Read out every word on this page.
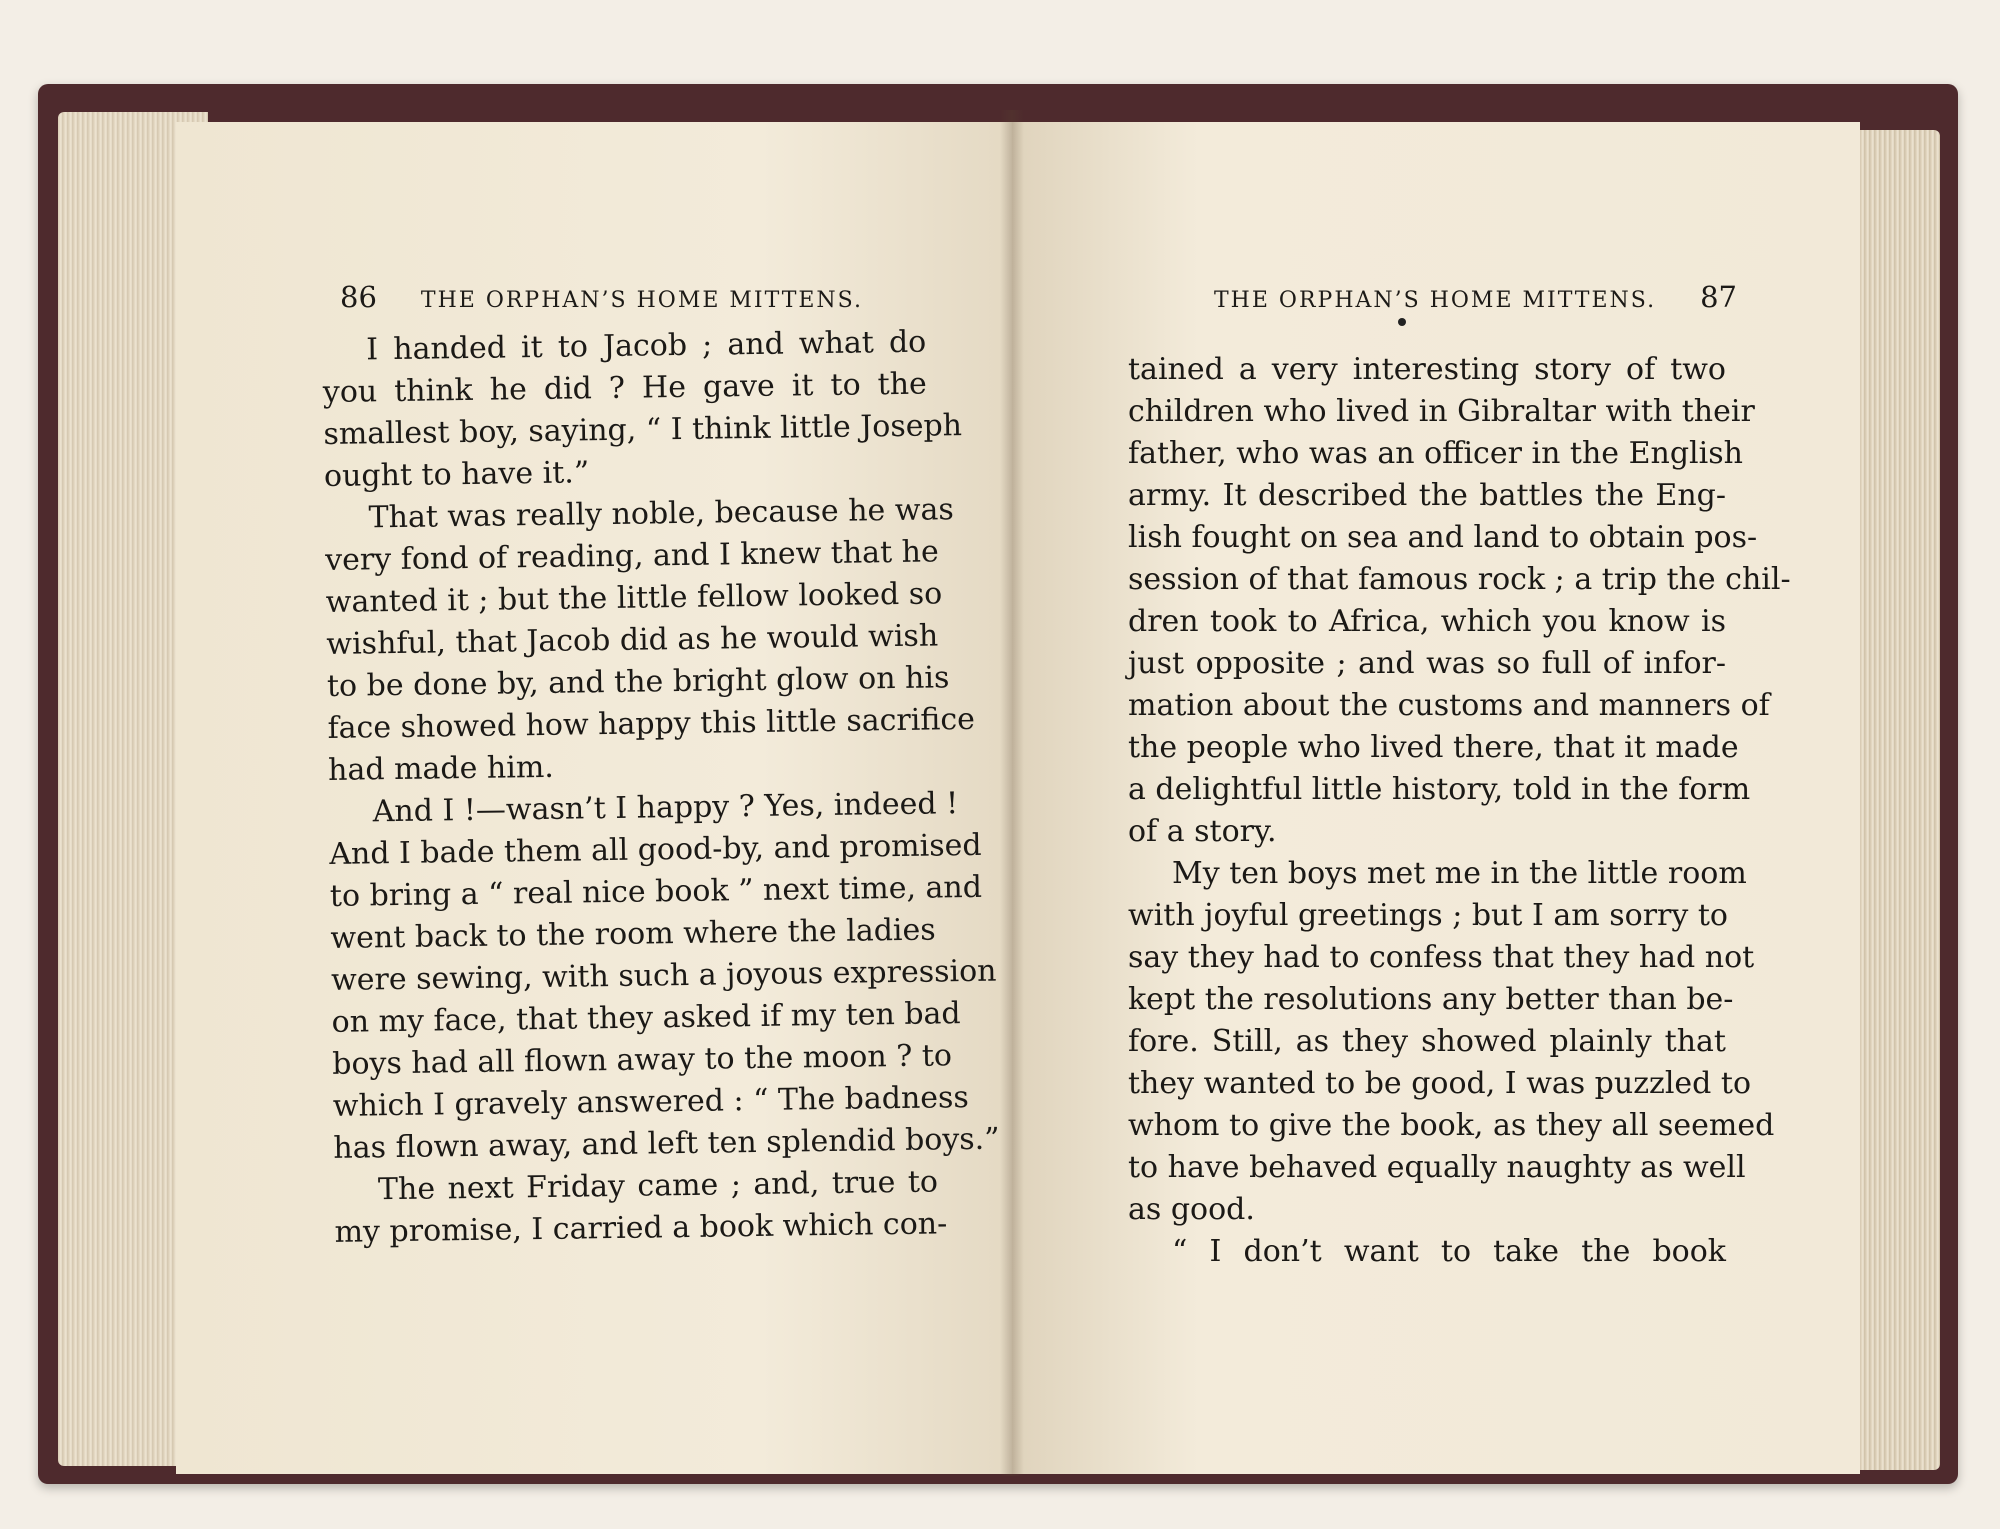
86 THE ORPHAN’S HOME MITTENS.	THE ORPHAN’S HOME MITTENS. 87
I handed it to Jacob ; and what do
you think he did ? He gave it to the
smallest boy, saying, “ I think little Joseph
ought to have it.”
That was really noble, because he was
very fond of reading, and I knew that he
wanted it ; but the little fellow looked so
wishful, that Jacob did as he would wish
to be done by, and the bright glow on his
face showed how happy this little sacrifice
had made him.
And I !—wasn’t I happy ? Yes, indeed !
And I bade them all good-by, and promised
to bring a “ real nice book ” next time, and
went back to the room where the ladies
were sewing, with such a joyous expression
on my face, that they asked if my ten bad
boys had all flown away to the moon ? to
which I gravely answered : “ The badness
has flown away, and left ten splendid boys.”
The next Friday came ; and, true to
my promise, I carried a book which con-
tained a very interesting story of two
children who lived in Gibraltar with their
father, who was an officer in the English
army. It described the battles the Eng-
lish fought on sea and land to obtain pos-
session of that famous rock ; a trip the chil-
dren took to Africa, which you know is
just opposite ; and was so full of infor-
mation about the customs and manners of
the people who lived there, that it made
a delightful little history, told in the form
of a story.
My ten boys met me in the little room
with joyful greetings ; but I am sorry to
say they had to confess that they had not
kept the resolutions any better than be-
fore. Still, as they showed plainly that
they wanted to be good, I was puzzled to
whom to give the book, as they all seemed
to have behaved equally naughty as well
as good.
“ I don’t want to take the book
